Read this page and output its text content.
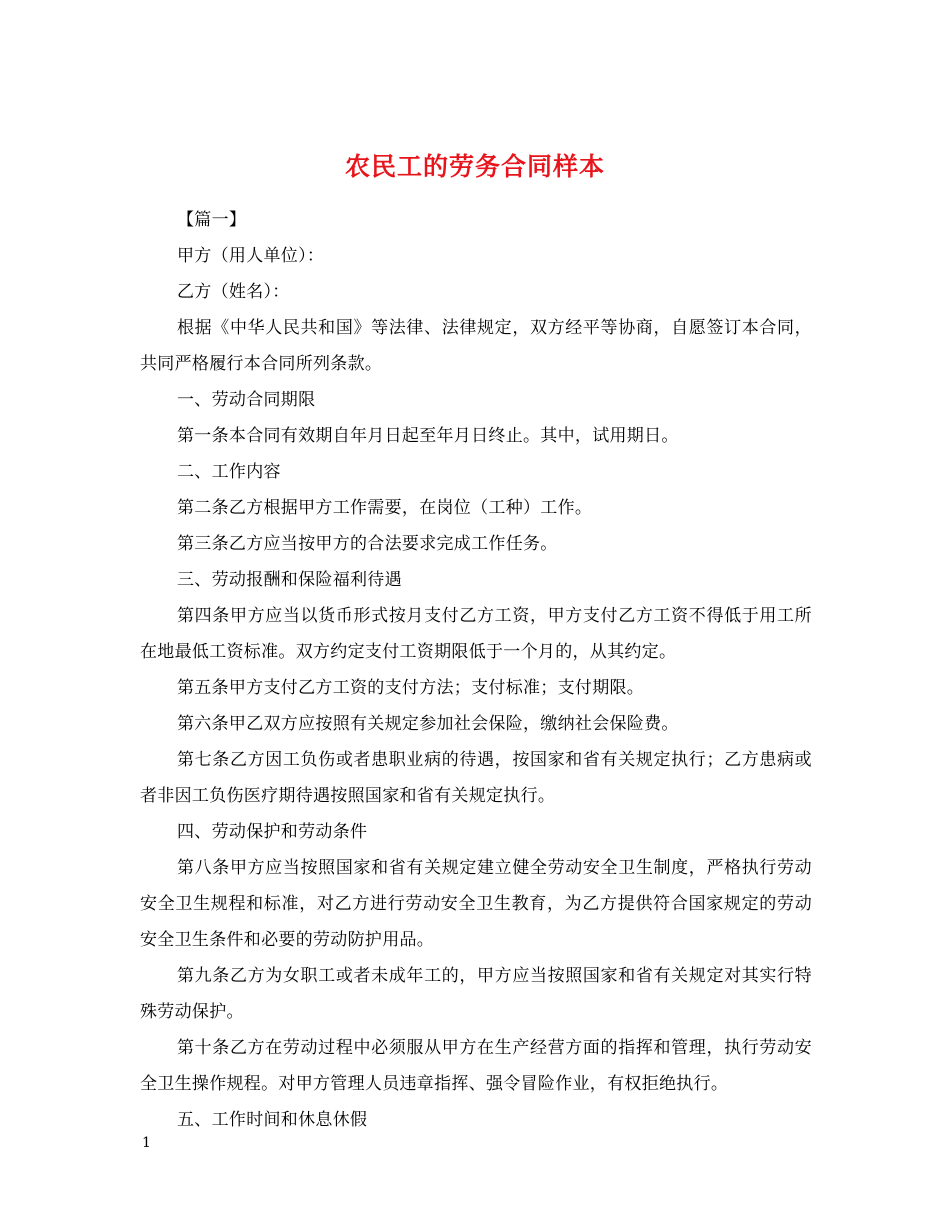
农民工的劳务合同样本

【篇一】

甲方（用人单位）：

乙方（姓名）：

根据《中华人民共和国》等法律、法律规定，双方经平等协商，自愿签订本合同，共同严格履行本合同所列条款。

一、劳动合同期限

第一条本合同有效期自年月日起至年月日终止。其中，试用期日。

二、工作内容

第二条乙方根据甲方工作需要，在岗位（工种）工作。

第三条乙方应当按甲方的合法要求完成工作任务。

三、劳动报酬和保险福利待遇

第四条甲方应当以货币形式按月支付乙方工资，甲方支付乙方工资不得低于用工所在地最低工资标准。双方约定支付工资期限低于一个月的，从其约定。

第五条甲方支付乙方工资的支付方法；支付标准；支付期限。

第六条甲乙双方应按照有关规定参加社会保险，缴纳社会保险费。

第七条乙方因工负伤或者患职业病的待遇，按国家和省有关规定执行；乙方患病或者非因工负伤医疗期待遇按照国家和省有关规定执行。

四、劳动保护和劳动条件

第八条甲方应当按照国家和省有关规定建立健全劳动安全卫生制度，严格执行劳动安全卫生规程和标准，对乙方进行劳动安全卫生教育，为乙方提供符合国家规定的劳动安全卫生条件和必要的劳动防护用品。

第九条乙方为女职工或者未成年工的，甲方应当按照国家和省有关规定对其实行特殊劳动保护。

第十条乙方在劳动过程中必须服从甲方在生产经营方面的指挥和管理，执行劳动安全卫生操作规程。对甲方管理人员违章指挥、强令冒险作业，有权拒绝执行。

五、工作时间和休息休假

1
